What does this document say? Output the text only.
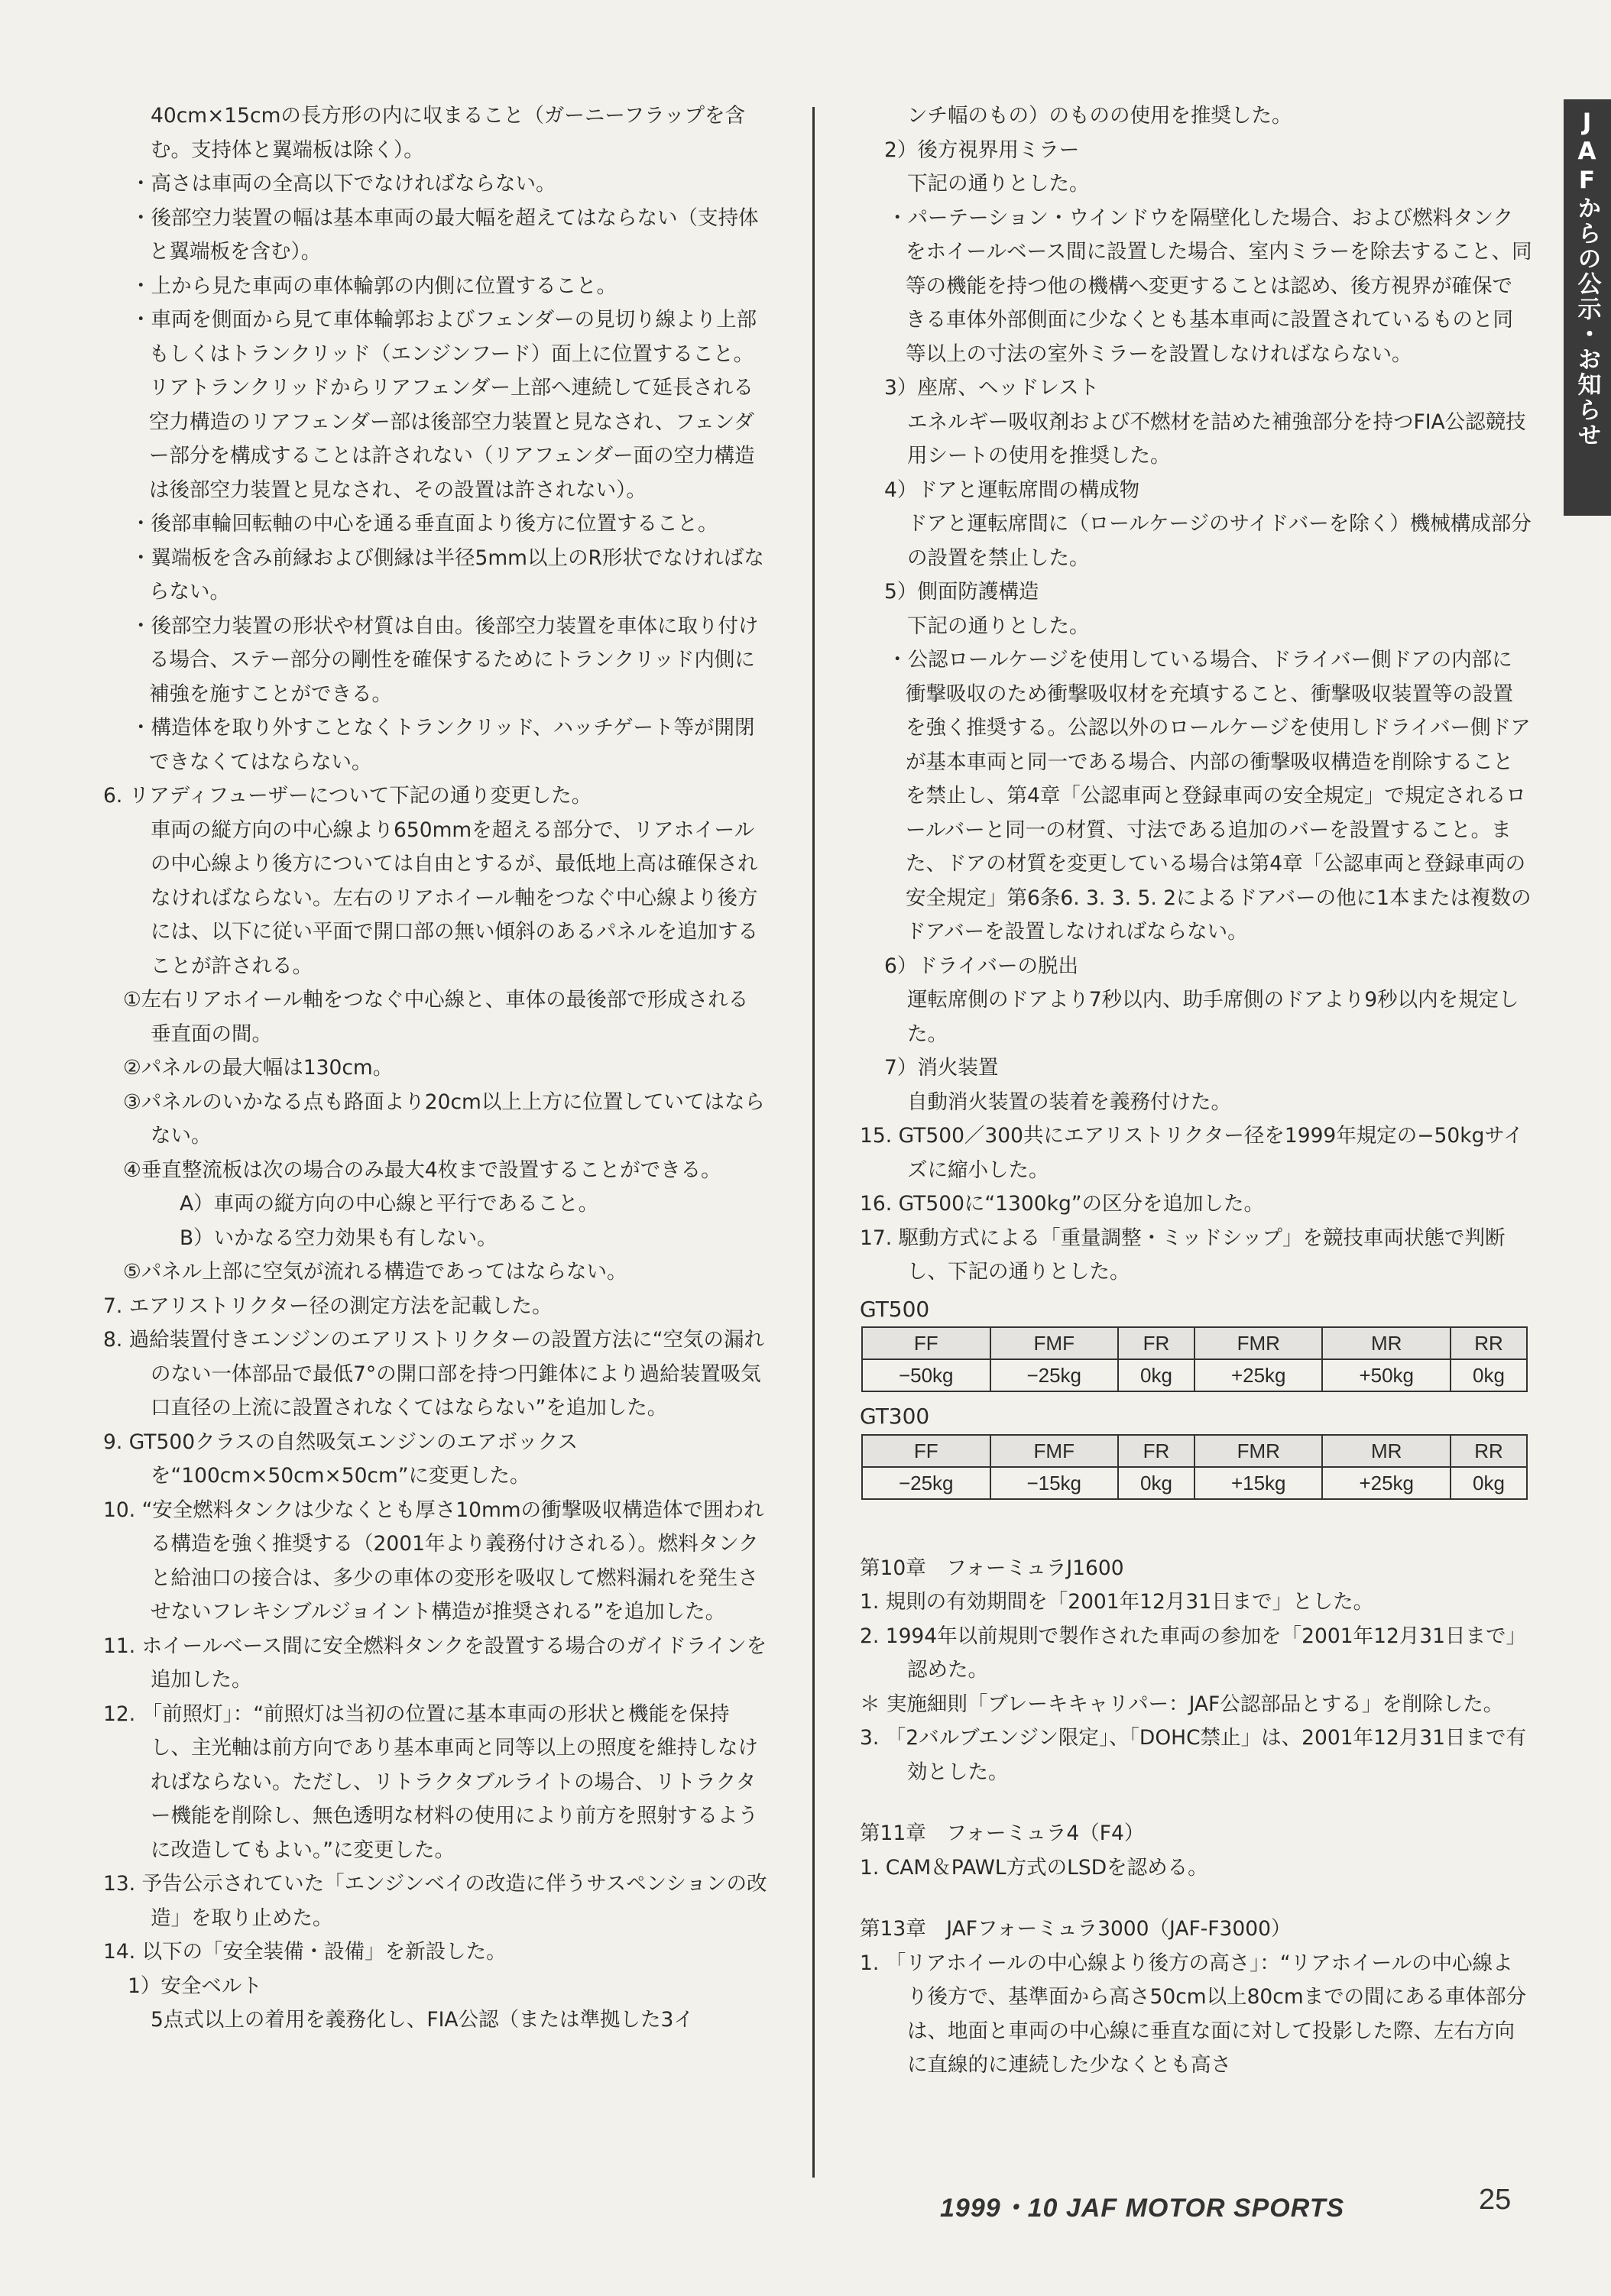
JAFからの公示・お知らせ
40cm×15cmの長方形の内に収まること（ガーニーフラップを含む。支持体と翼端板は除く）。
・高さは車両の全高以下でなければならない。
・後部空力装置の幅は基本車両の最大幅を超えてはならない（支持体と翼端板を含む）。
・上から見た車両の車体輪郭の内側に位置すること。
・車両を側面から見て車体輪郭およびフェンダーの見切り線より上部もしくはトランクリッド（エンジンフード）面上に位置すること。リアトランクリッドからリアフェンダー上部へ連続して延長される空力構造のリアフェンダー部は後部空力装置と見なされ、フェンダー部分を構成することは許されない（リアフェンダー面の空力構造は後部空力装置と見なされ、その設置は許されない）。
・後部車輪回転軸の中心を通る垂直面より後方に位置すること。
・翼端板を含み前縁および側縁は半径5mm以上のR形状でなければならない。
・後部空力装置の形状や材質は自由。後部空力装置を車体に取り付ける場合、ステー部分の剛性を確保するためにトランクリッド内側に補強を施すことができる。
・構造体を取り外すことなくトランクリッド、ハッチゲート等が開閉できなくてはならない。
6. リアディフューザーについて下記の通り変更した。
車両の縦方向の中心線より650mmを超える部分で、リアホイールの中心線より後方については自由とするが、最低地上高は確保されなければならない。左右のリアホイール軸をつなぐ中心線より後方には、以下に従い平面で開口部の無い傾斜のあるパネルを追加することが許される。
①左右リアホイール軸をつなぐ中心線と、車体の最後部で形成される垂直面の間。
②パネルの最大幅は130cm。
③パネルのいかなる点も路面より20cm以上上方に位置していてはならない。
④垂直整流板は次の場合のみ最大4枚まで設置することができる。
A）車両の縦方向の中心線と平行であること。
B）いかなる空力効果も有しない。
⑤パネル上部に空気が流れる構造であってはならない。
7. エアリストリクター径の測定方法を記載した。
8. 過給装置付きエンジンのエアリストリクターの設置方法に“空気の漏れのない一体部品で最低7°の開口部を持つ円錐体により過給装置吸気口直径の上流に設置されなくてはならない”を追加した。
9. GT500クラスの自然吸気エンジンのエアボックスを“100cm×50cm×50cm”に変更した。
10. “安全燃料タンクは少なくとも厚さ10mmの衝撃吸収構造体で囲われる構造を強く推奨する（2001年より義務付けされる）。燃料タンクと給油口の接合は、多少の車体の変形を吸収して燃料漏れを発生させないフレキシブルジョイント構造が推奨される”を追加した。
11. ホイールベース間に安全燃料タンクを設置する場合のガイドラインを追加した。
12. 「前照灯」：“前照灯は当初の位置に基本車両の形状と機能を保持し、主光軸は前方向であり基本車両と同等以上の照度を維持しなければならない。ただし、リトラクタブルライトの場合、リトラクター機能を削除し、無色透明な材料の使用により前方を照射するように改造してもよい。”に変更した。
13. 予告公示されていた「エンジンベイの改造に伴うサスペンションの改造」を取り止めた。
14. 以下の「安全装備・設備」を新設した。
1）安全ベルト
5点式以上の着用を義務化し、FIA公認（または準拠した3イ
ンチ幅のもの）のものの使用を推奨した。
2）後方視界用ミラー
下記の通りとした。
・パーテーション・ウインドウを隔壁化した場合、および燃料タンクをホイールベース間に設置した場合、室内ミラーを除去すること、同等の機能を持つ他の機構へ変更することは認め、後方視界が確保できる車体外部側面に少なくとも基本車両に設置されているものと同等以上の寸法の室外ミラーを設置しなければならない。
3）座席、ヘッドレスト
エネルギー吸収剤および不燃材を詰めた補強部分を持つFIA公認競技用シートの使用を推奨した。
4）ドアと運転席間の構成物
ドアと運転席間に（ロールケージのサイドバーを除く）機械構成部分の設置を禁止した。
5）側面防護構造
下記の通りとした。
・公認ロールケージを使用している場合、ドライバー側ドアの内部に衝撃吸収のため衝撃吸収材を充填すること、衝撃吸収装置等の設置を強く推奨する。公認以外のロールケージを使用しドライバー側ドアが基本車両と同一である場合、内部の衝撃吸収構造を削除することを禁止し、第4章「公認車両と登録車両の安全規定」で規定されるロールバーと同一の材質、寸法である追加のバーを設置すること。また、ドアの材質を変更している場合は第4章「公認車両と登録車両の安全規定」第6条6. 3. 3. 5. 2によるドアバーの他に1本または複数のドアバーを設置しなければならない。
6）ドライバーの脱出
運転席側のドアより7秒以内、助手席側のドアより9秒以内を規定した。
7）消火装置
自動消火装置の装着を義務付けた。
15. GT500／300共にエアリストリクター径を1999年規定の−50kgサイズに縮小した。
16. GT500に“1300kg”の区分を追加した。
17. 駆動方式による「重量調整・ミッドシップ」を競技車両状態で判断し、下記の通りとした。
GT500
FF	FMF	FR	FMR	MR	RR
−50kg	−25kg	0kg	+25kg	+50kg	0kg
GT300
FF	FMF	FR	FMR	MR	RR
−25kg	−15kg	0kg	+15kg	+25kg	0kg
第10章　フォーミュラJ1600
1. 規則の有効期間を「2001年12月31日まで」とした。
2. 1994年以前規則で製作された車両の参加を「2001年12月31日まで」認めた。
＊ 実施細則「ブレーキキャリパー：JAF公認部品とする」を削除した。
3. 「2バルブエンジン限定」、「DOHC禁止」は、2001年12月31日まで有効とした。
第11章　フォーミュラ4（F4）
1. CAM＆PAWL方式のLSDを認める。
第13章　JAFフォーミュラ3000（JAF-F3000）
1. 「リアホイールの中心線より後方の高さ」：“リアホイールの中心線より後方で、基準面から高さ50cm以上80cmまでの間にある車体部分は、地面と車両の中心線に垂直な面に対して投影した際、左右方向に直線的に連続した少なくとも高さ
1999・10 JAF MOTOR SPORTS	25
